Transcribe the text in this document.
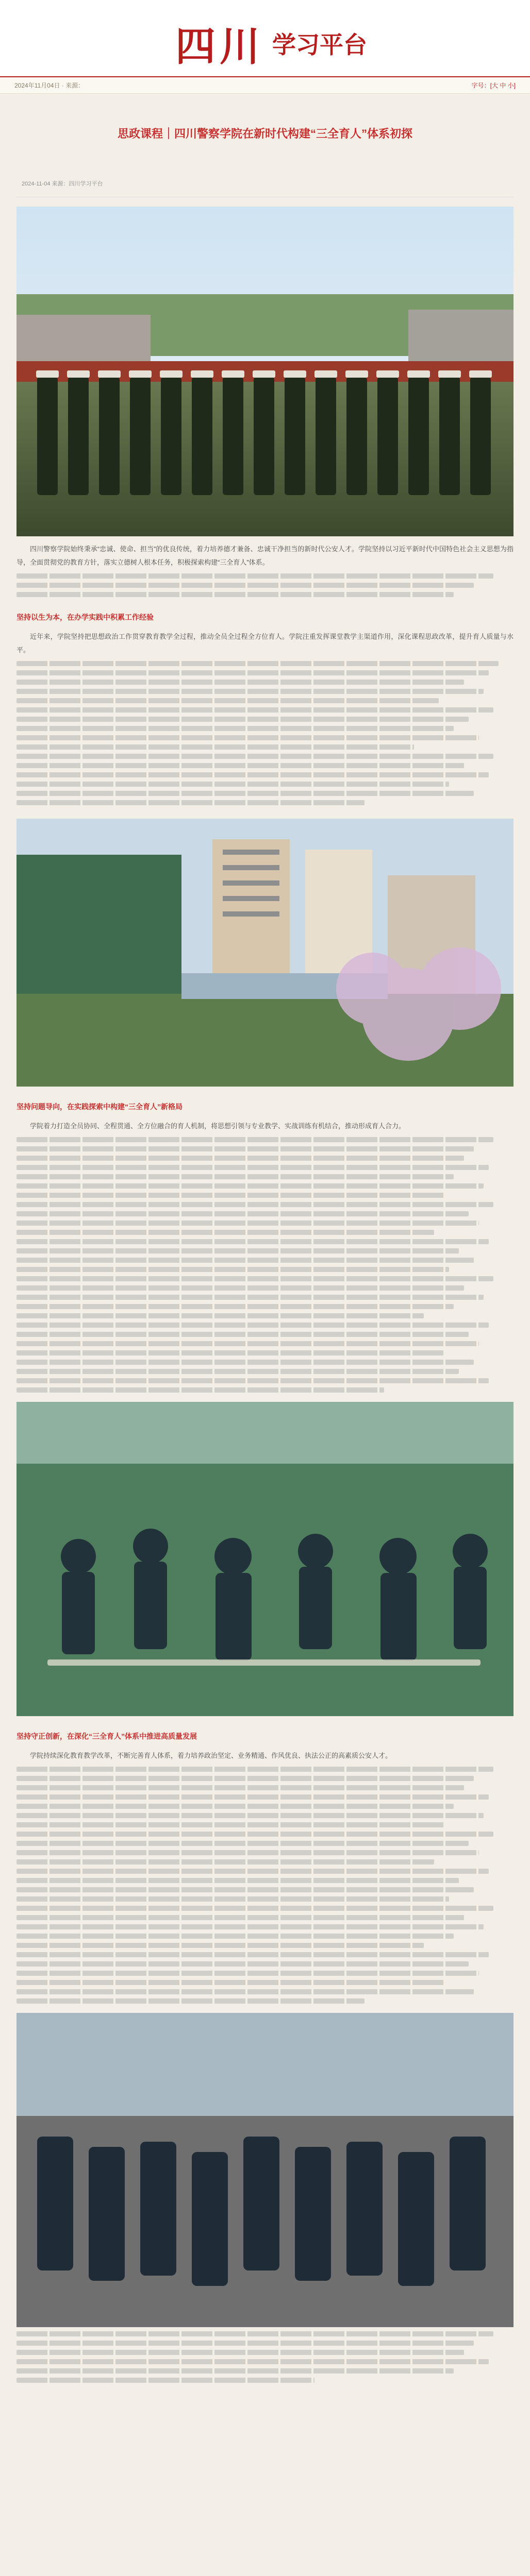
四川 学习平台
2024年11月04日 · 来源：	字号：[大 中 小]
思政课程｜四川警察学院在新时代构建“三全育人”体系初探
2024-11-04 来源：四川学习平台
四川警察学院始终秉承“忠诚、使命、担当”的优良传统，着力培养德才兼备、忠诚干净担当的新时代公安人才。学院坚持以习近平新时代中国特色社会主义思想为指导，全面贯彻党的教育方针，落实立德树人根本任务，积极探索构建“三全育人”体系。
坚持以生为本，在办学实践中积累工作经验
近年来，学院坚持把思想政治工作贯穿教育教学全过程，推动全员全过程全方位育人。学院注重发挥课堂教学主渠道作用，深化课程思政改革，提升育人质量与水平。
坚持问题导向，在实践探索中构建“三全育人”新格局
学院着力打造全员协同、全程贯通、全方位融合的育人机制，将思想引领与专业教学、实战训练有机结合，推动形成育人合力。
坚持守正创新，在深化“三全育人”体系中推进高质量发展
学院持续深化教育教学改革，不断完善育人体系，着力培养政治坚定、业务精通、作风优良、执法公正的高素质公安人才。
